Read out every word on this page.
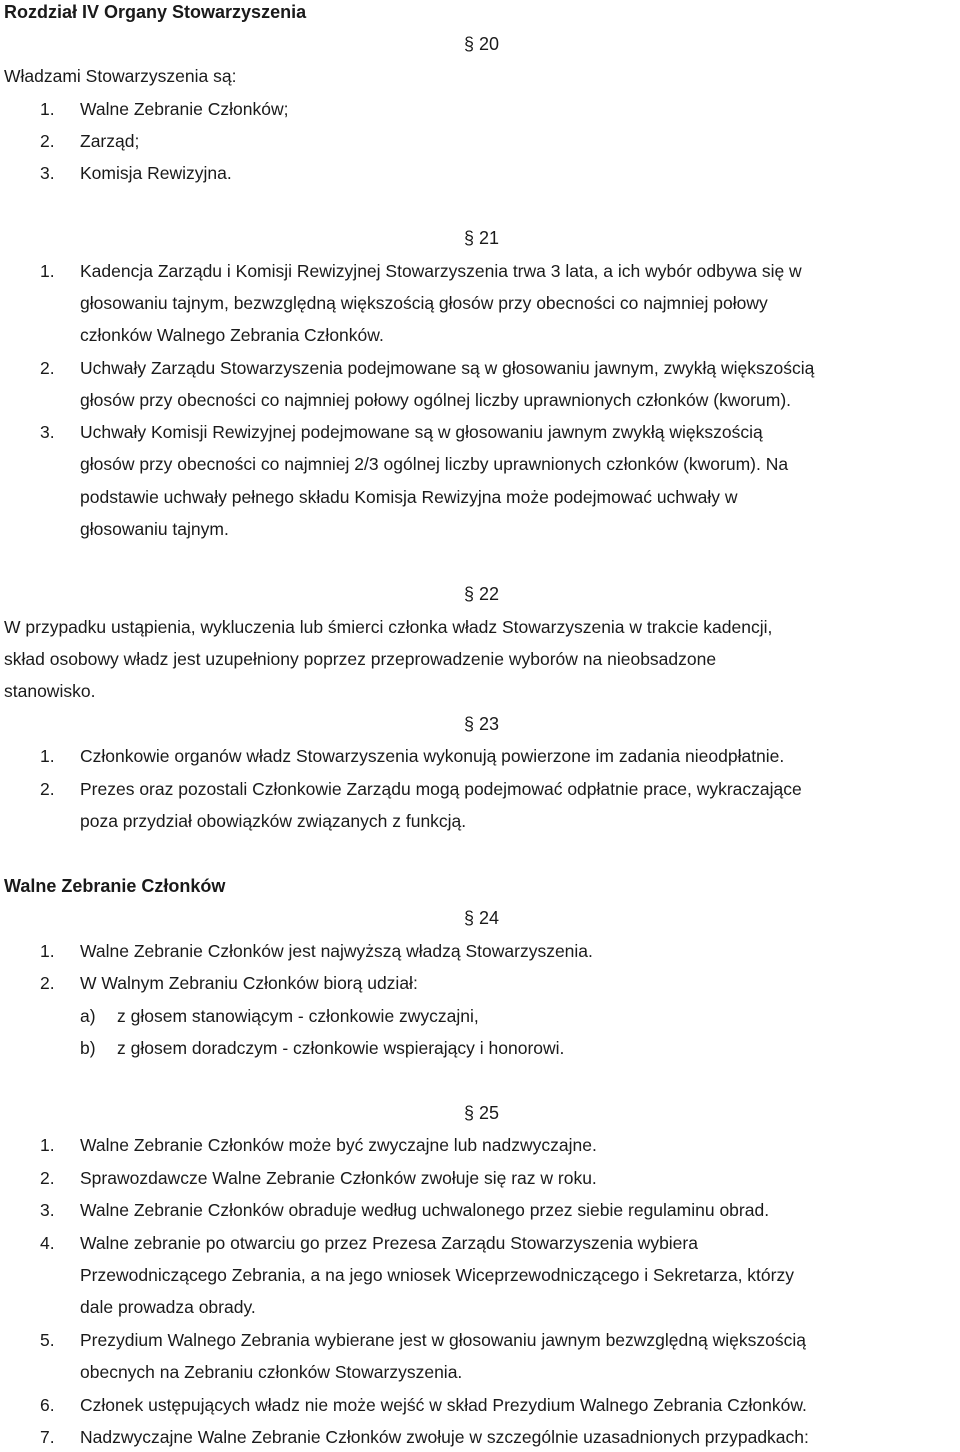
Rozdział IV Organy Stowarzyszenia
§ 20
Władzami Stowarzyszenia są:
1. Walne Zebranie Członków;
2. Zarząd;
3. Komisja Rewizyjna.
§ 21
1. Kadencja Zarządu i Komisji Rewizyjnej Stowarzyszenia trwa 3 lata, a ich wybór odbywa się w
głosowaniu tajnym, bezwzględną większością głosów przy obecności co najmniej połowy
członków Walnego Zebrania Członków.
2. Uchwały Zarządu Stowarzyszenia podejmowane są w głosowaniu jawnym, zwykłą większością
głosów przy obecności co najmniej połowy ogólnej liczby uprawnionych członków (kworum).
3. Uchwały Komisji Rewizyjnej podejmowane są w głosowaniu jawnym zwykłą większością
głosów przy obecności co najmniej 2/3 ogólnej liczby uprawnionych członków (kworum). Na
podstawie uchwały pełnego składu Komisja Rewizyjna może podejmować uchwały w
głosowaniu tajnym.
§ 22
W przypadku ustąpienia, wykluczenia lub śmierci członka władz Stowarzyszenia w trakcie kadencji,
skład osobowy władz jest uzupełniony poprzez przeprowadzenie wyborów na nieobsadzone
stanowisko.
§ 23
1. Członkowie organów władz Stowarzyszenia wykonują powierzone im zadania nieodpłatnie.
2. Prezes oraz pozostali Członkowie Zarządu mogą podejmować odpłatnie prace, wykraczające
poza przydział obowiązków związanych z funkcją.
Walne Zebranie Członków
§ 24
1. Walne Zebranie Członków jest najwyższą władzą Stowarzyszenia.
2. W Walnym Zebraniu Członków biorą udział:
a) z głosem stanowiącym - członkowie zwyczajni,
b) z głosem doradczym - członkowie wspierający i honorowi.
§ 25
1. Walne Zebranie Członków może być zwyczajne lub nadzwyczajne.
2. Sprawozdawcze Walne Zebranie Członków zwołuje się raz w roku.
3. Walne Zebranie Członków obraduje według uchwalonego przez siebie regulaminu obrad.
4. Walne zebranie po otwarciu go przez Prezesa Zarządu Stowarzyszenia wybiera
Przewodniczącego Zebrania, a na jego wniosek Wiceprzewodniczącego i Sekretarza, którzy
dale prowadza obrady.
5. Prezydium Walnego Zebrania wybierane jest w głosowaniu jawnym bezwzględną większością
obecnych na Zebraniu członków Stowarzyszenia.
6. Członek ustępujących władz nie może wejść w skład Prezydium Walnego Zebrania Członków.
7. Nadzwyczajne Walne Zebranie Członków zwołuje w szczególnie uzasadnionych przypadkach:
